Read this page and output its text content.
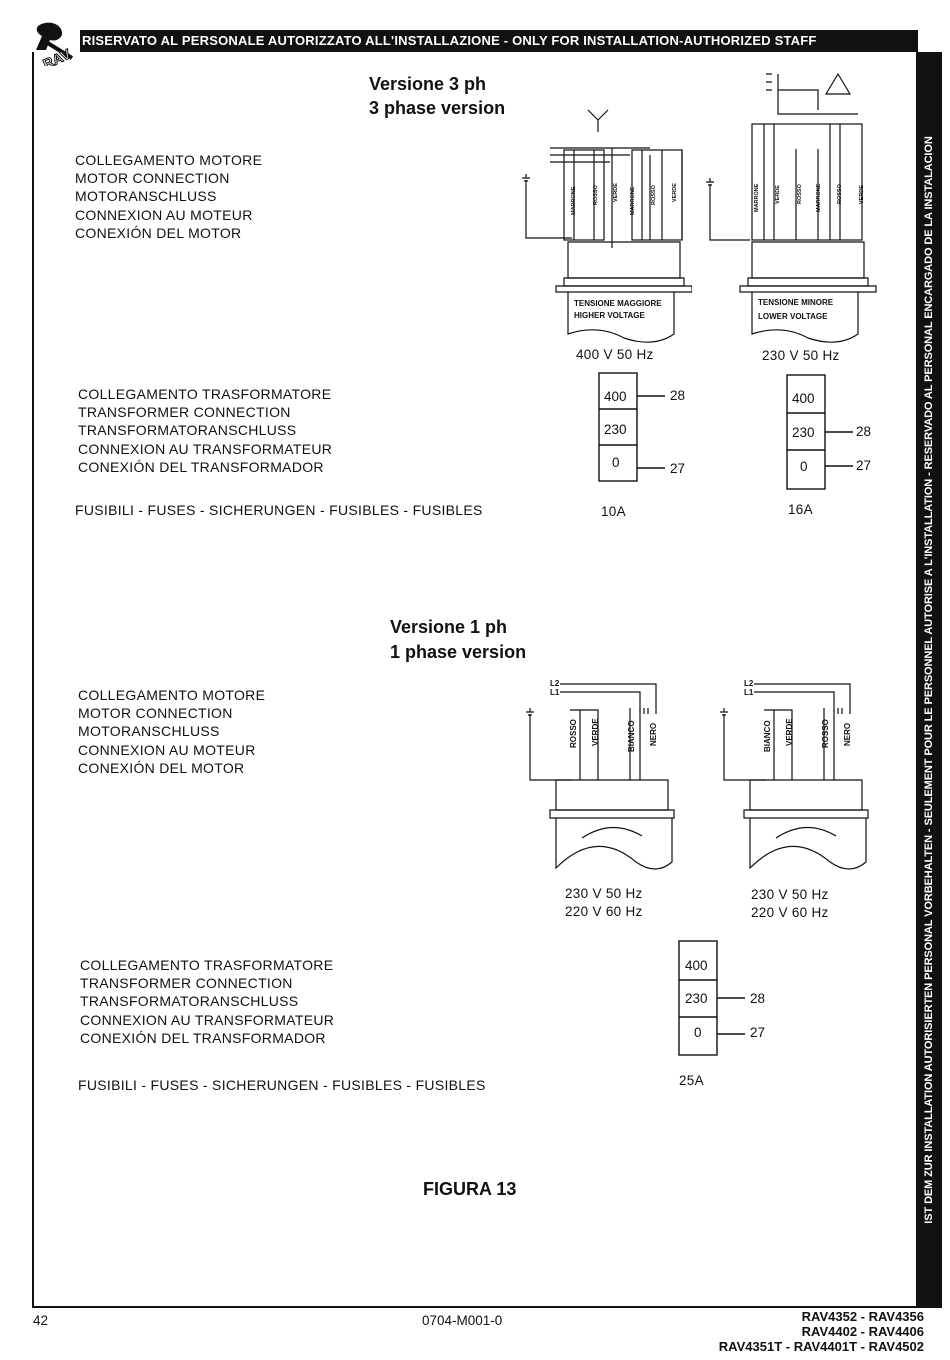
RAV
RISERVATO AL PERSONALE AUTORIZZATO ALL'INSTALLAZIONE - ONLY FOR INSTALLATION-AUTHORIZED STAFF
IST DEM ZUR INSTALLATION AUTORISIERTEN PERSONAL VORBEHALTEN - SEULEMENT POUR LE PERSONNEL AUTORISE A L'INSTALLATION - RESERVADO AL PERSONAL ENCARGADO DE LA INSTALACION
Versione 3 ph
3 phase version
COLLEGAMENTO MOTORE
MOTOR CONNECTION
MOTORANSCHLUSS
CONNEXION AU MOTEUR
CONEXIÓN DEL MOTOR
COLLEGAMENTO TRASFORMATORE
TRANSFORMER CONNECTION
TRANSFORMATORANSCHLUSS
CONNEXION AU TRANSFORMATEUR
CONEXIÓN DEL TRANSFORMADOR
FUSIBILI - FUSES - SICHERUNGEN - FUSIBLES - FUSIBLES
MARRONE	ROSSO	VERDE MARRONE	ROSSO	VERDE
TENSIONE MAGGIORE
HIGHER VOLTAGE
400 V 50 Hz
MARRONE	VERDE	ROSSO MARRONE	ROSSO	VERDE
TENSIONE MINORE
LOWER VOLTAGE
230 V 50 Hz
400
230
0
28
27
10A
400
230
0
28
27
16A
Versione 1 ph
1 phase version
COLLEGAMENTO MOTORE
MOTOR CONNECTION
MOTORANSCHLUSS
CONNEXION AU MOTEUR
CONEXIÓN DEL MOTOR
L2
L1
ROSSO VERDE	BIANCO NERO
230 V 50 Hz
220 V 60 Hz
L2
L1
BIANCO VERDE	ROSSO NERO
230 V 50 Hz
220 V 60 Hz
COLLEGAMENTO TRASFORMATORE
TRANSFORMER CONNECTION
TRANSFORMATORANSCHLUSS
CONNEXION AU TRANSFORMATEUR
CONEXIÓN DEL TRANSFORMADOR
400
230
0
28
27
FUSIBILI - FUSES - SICHERUNGEN - FUSIBLES - FUSIBLES	25A
FIGURA 13
42	0704-M001-0	RAV4352 - RAV4356
RAV4402 - RAV4406
RAV4351T - RAV4401T - RAV4502
